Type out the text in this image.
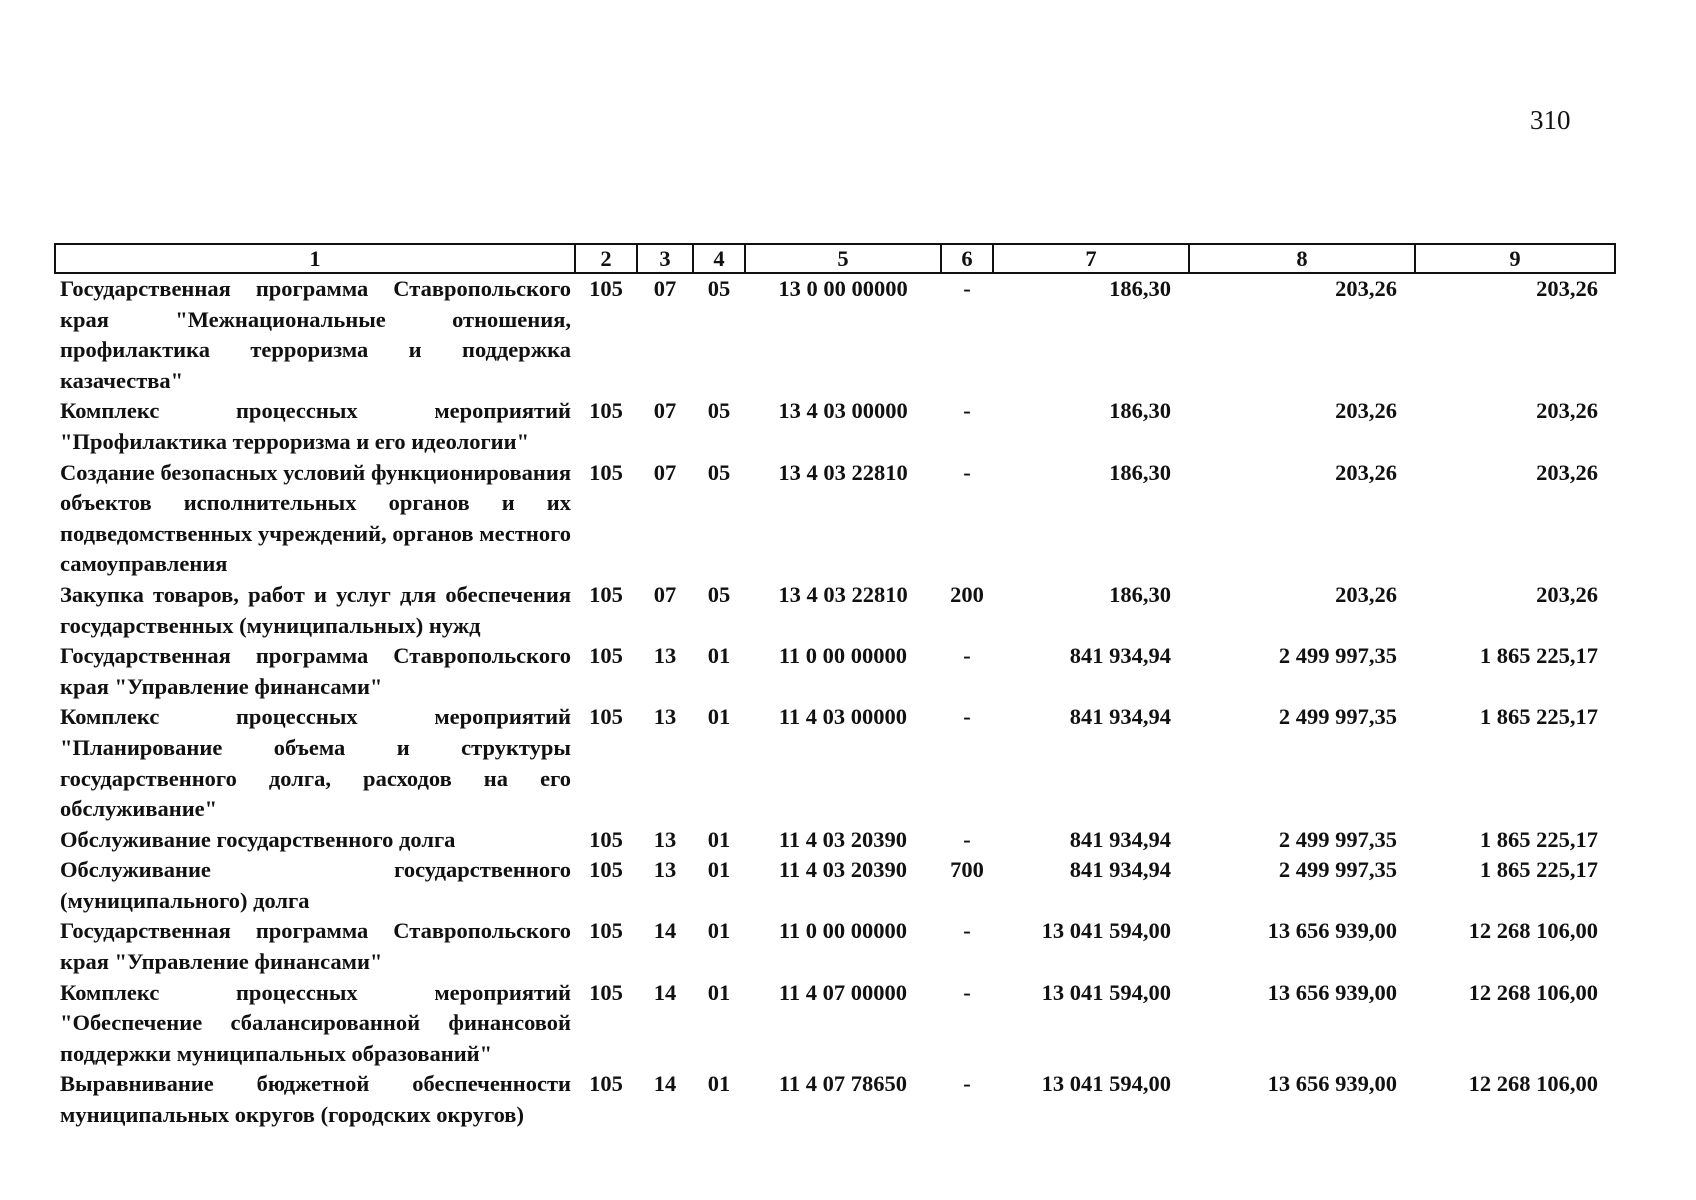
310
1	2	3	4	5	6	7	8	9
Государственная программа Ставропольского края "Межнациональные отношения, профилактика терроризма и поддержка казачества"	105	07	05	13 0 00 00000	-	186,30	203,26	203,26
Комплекс процессных мероприятий "Профилактика терроризма и его идеологии"	105	07	05	13 4 03 00000	-	186,30	203,26	203,26
Создание безопасных условий функционирования объектов исполнительных органов и их подведомственных учреждений, органов местного самоуправления	105	07	05	13 4 03 22810	-	186,30	203,26	203,26
Закупка товаров, работ и услуг для обеспечения государственных (муниципальных) нужд	105	07	05	13 4 03 22810	200	186,30	203,26	203,26
Государственная программа Ставропольского края "Управление финансами"	105	13	01	11 0 00 00000	-	841 934,94	2 499 997,35	1 865 225,17
Комплекс процессных мероприятий "Планирование объема и структуры государственного долга, расходов на его обслуживание"	105	13	01	11 4 03 00000	-	841 934,94	2 499 997,35	1 865 225,17
Обслуживание государственного долга	105	13	01	11 4 03 20390	-	841 934,94	2 499 997,35	1 865 225,17
Обслуживание государственного (муниципального) долга	105	13	01	11 4 03 20390	700	841 934,94	2 499 997,35	1 865 225,17
Государственная программа Ставропольского края "Управление финансами"	105	14	01	11 0 00 00000	-	13 041 594,00	13 656 939,00	12 268 106,00
Комплекс процессных мероприятий "Обеспечение сбалансированной финансовой поддержки муниципальных образований"	105	14	01	11 4 07 00000	-	13 041 594,00	13 656 939,00	12 268 106,00
Выравнивание бюджетной обеспеченности муниципальных округов (городских округов)	105	14	01	11 4 07 78650	-	13 041 594,00	13 656 939,00	12 268 106,00
